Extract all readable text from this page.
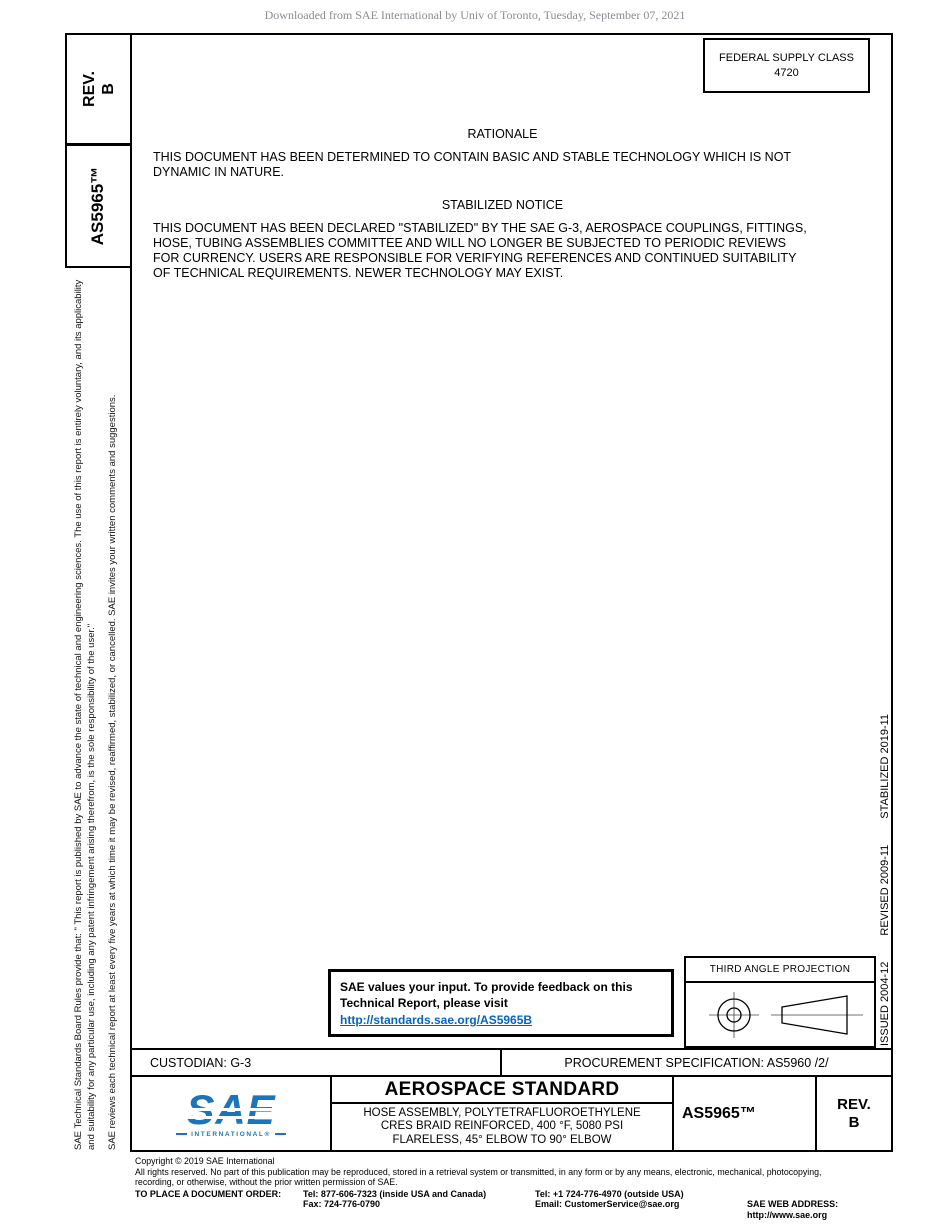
Downloaded from SAE International by Univ of Toronto, Tuesday, September 07, 2021
REV. B
AS5965™
SAE Technical Standards Board Rules provide that: " This report is published by SAE to advance the state of technical and engineering sciences. The use of this report is entirely voluntary, and its applicability and suitability for any particular use, including any patent infringement arising therefrom, is the sole responsibility of the user." SAE reviews each technical report at least every five years at which time it may be revised, reaffirmed, stabilized, or cancelled. SAE invites your written comments and suggestions.
FEDERAL SUPPLY CLASS
4720
RATIONALE
THIS DOCUMENT HAS BEEN DETERMINED TO CONTAIN BASIC AND STABLE TECHNOLOGY WHICH IS NOT DYNAMIC IN NATURE.
STABILIZED NOTICE
THIS DOCUMENT HAS BEEN DECLARED "STABILIZED" BY THE SAE G-3, AEROSPACE COUPLINGS, FITTINGS, HOSE, TUBING ASSEMBLIES COMMITTEE AND WILL NO LONGER BE SUBJECTED TO PERIODIC REVIEWS FOR CURRENCY. USERS ARE RESPONSIBLE FOR VERIFYING REFERENCES AND CONTINUED SUITABILITY OF TECHNICAL REQUIREMENTS. NEWER TECHNOLOGY MAY EXIST.
ISSUED 2004-12
REVISED 2009-11
STABILIZED 2019-11
SAE values your input. To provide feedback on this Technical Report, please visit
http://standards.sae.org/AS5965B
THIRD ANGLE PROJECTION
CUSTODIAN: G-3	PROCUREMENT SPECIFICATION: AS5960 /2/
INTERNATIONAL®
AEROSPACE STANDARD
HOSE ASSEMBLY, POLYTETRAFLUOROETHYLENE
CRES BRAID REINFORCED, 400 °F, 5080 PSI
FLARELESS, 45° ELBOW TO 90° ELBOW
AS5965™
REV.
B
Copyright © 2019 SAE International
All rights reserved. No part of this publication may be reproduced, stored in a retrieval system or transmitted, in any form or by any means, electronic, mechanical, photocopying,
recording, or otherwise, without the prior written permission of SAE.
TO PLACE A DOCUMENT ORDER:	Tel: 877-606-7323 (inside USA and Canada)
Fax: 724-776-0790
Tel: +1 724-776-4970 (outside USA)
Email: CustomerService@sae.org
	SAE WEB ADDRESS: http://www.sae.org
